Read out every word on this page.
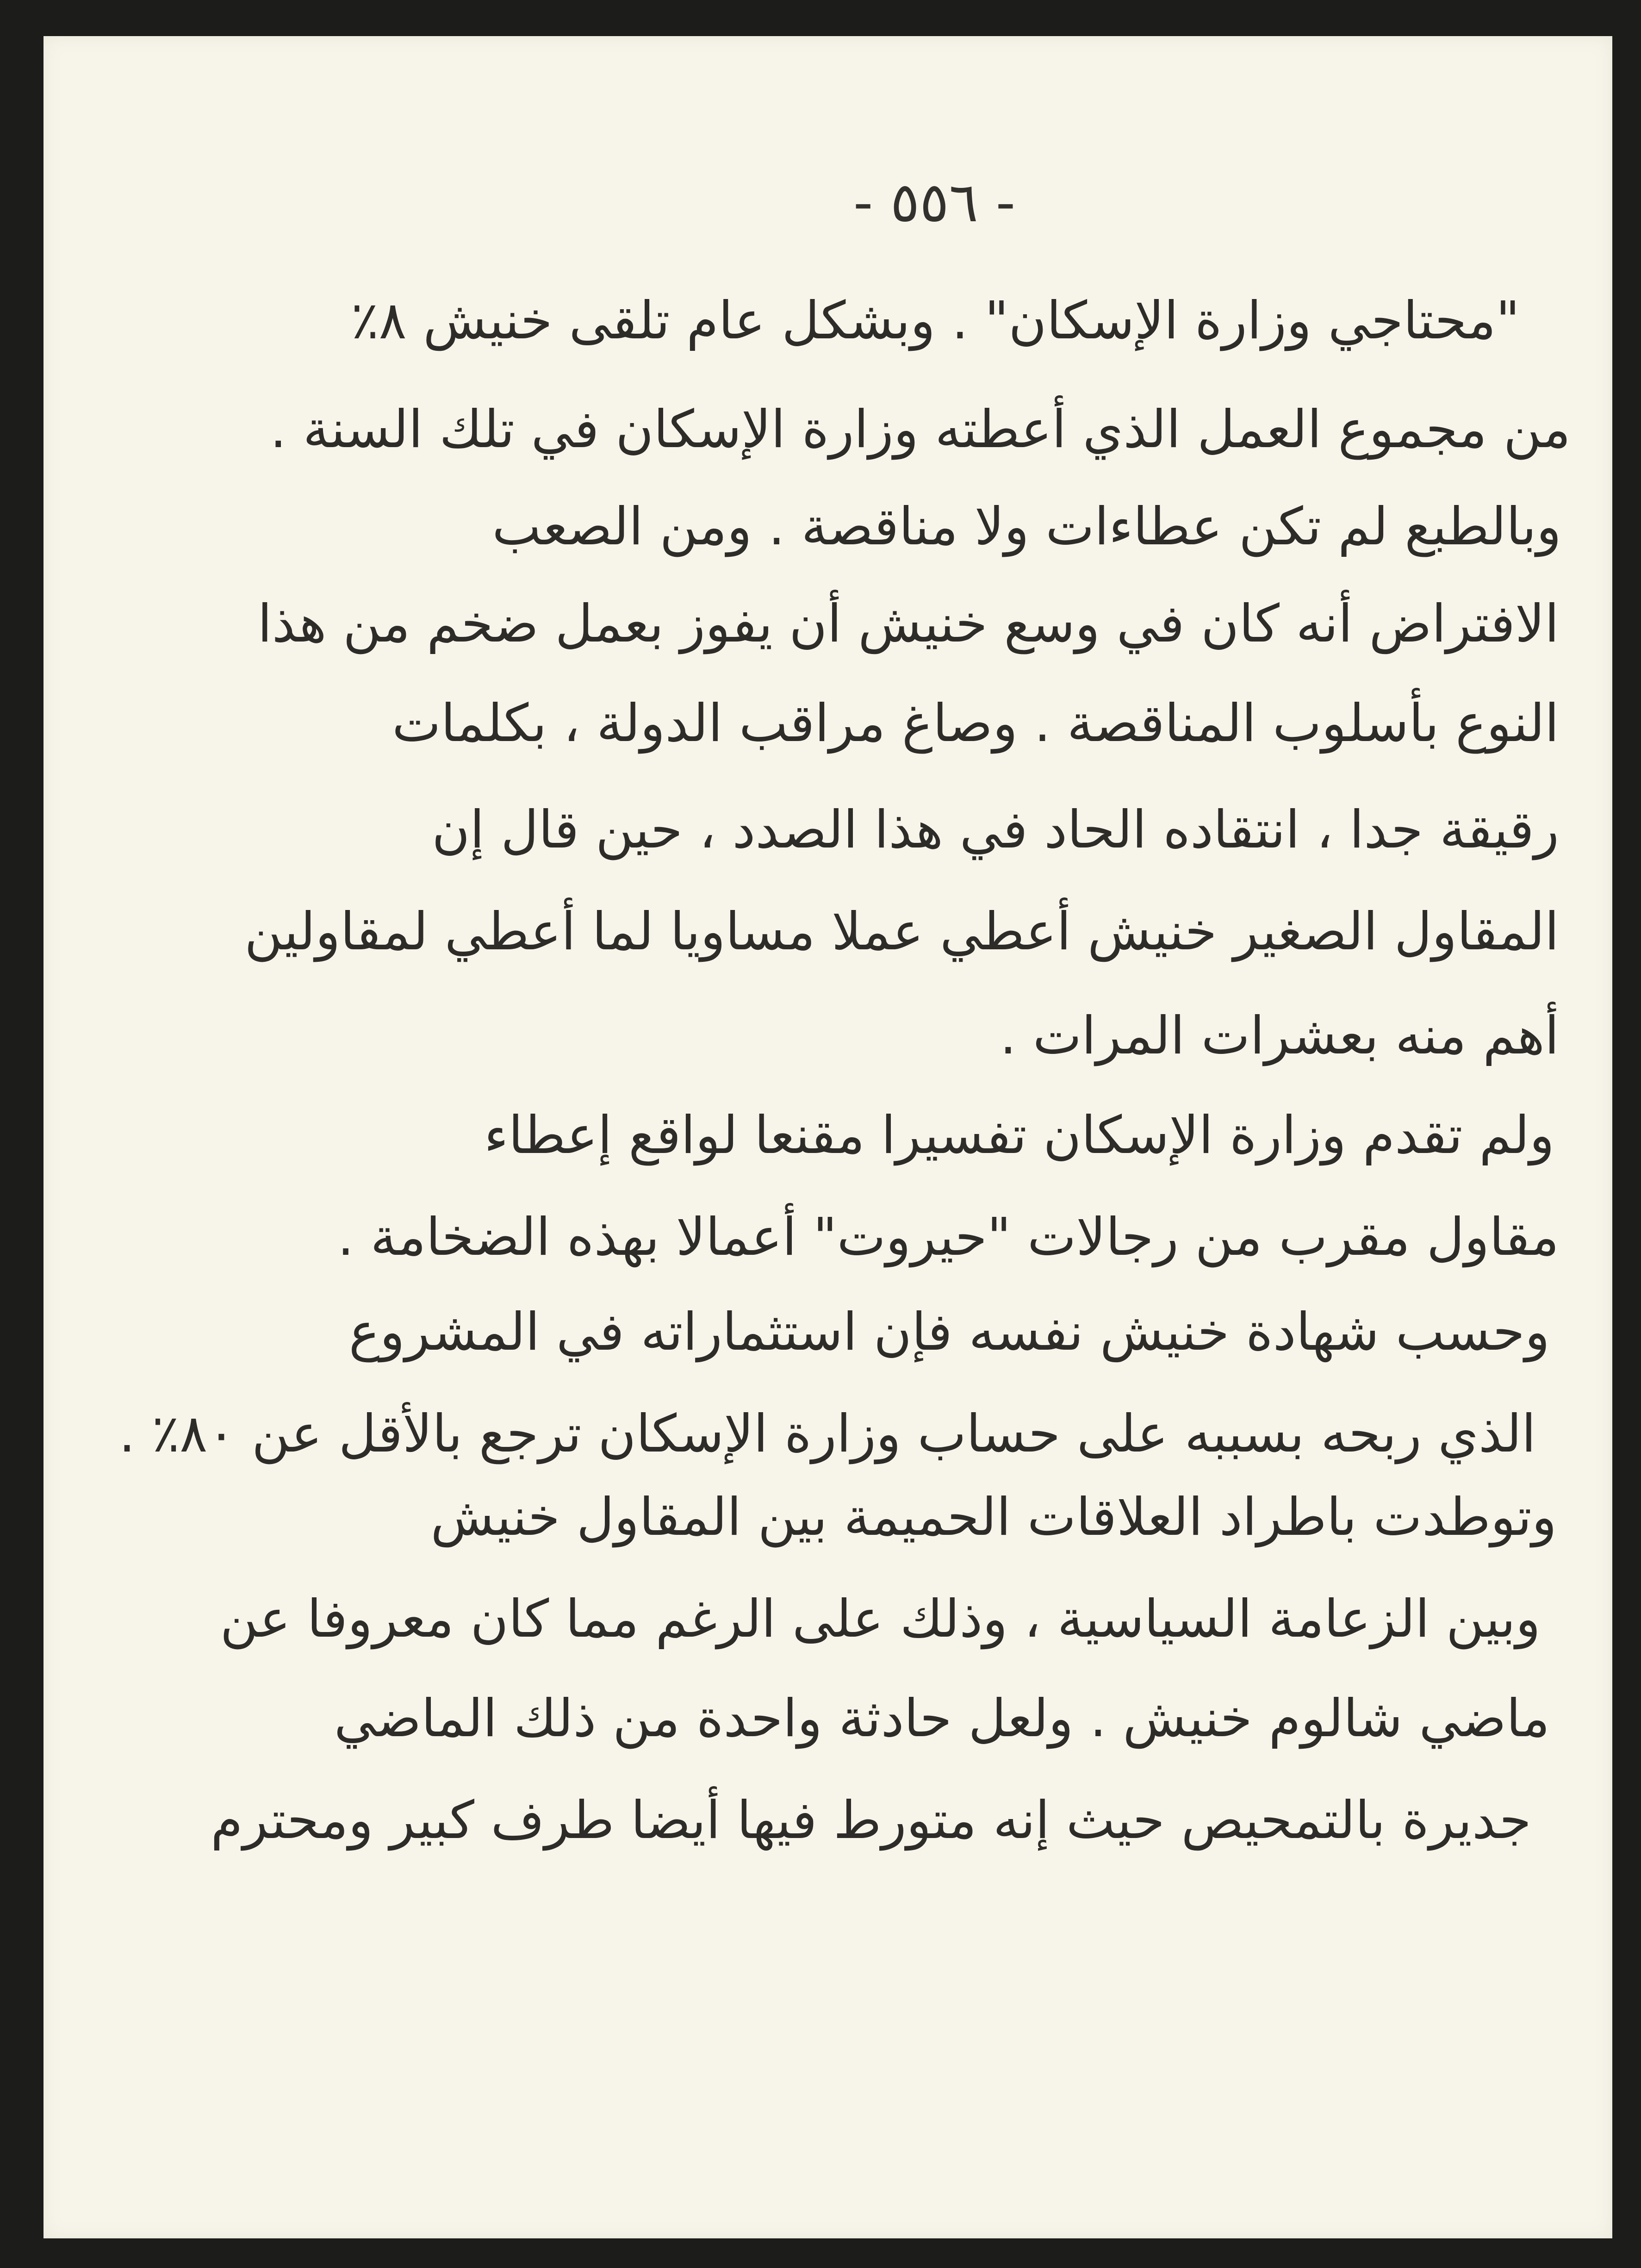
- ٥٥٦ -
"محتاجي وزارة الإسكان" . وبشكل عام تلقى خنيش ٨٪
من مجموع العمل الذي أعطته وزارة الإسكان في تلك السنة .
وبالطبع لم تكن عطاءات ولا مناقصة . ومن الصعب
الافتراض أنه كان في وسع خنيش أن يفوز بعمل ضخم من هذا
النوع بأسلوب المناقصة . وصاغ مراقب الدولة ، بكلمات
رقيقة جدا ، انتقاده الحاد في هذا الصدد ، حين قال إن
المقاول الصغير خنيش أعطي عملا مساويا لما أعطي لمقاولين
أهم منه بعشرات المرات .
ولم تقدم وزارة الإسكان تفسيرا مقنعا لواقع إعطاء
مقاول مقرب من رجالات "حيروت" أعمالا بهذه الضخامة .
وحسب شهادة خنيش نفسه فإن استثماراته في المشروع
الذي ربحه بسببه على حساب وزارة الإسكان ترجع بالأقل عن ٨٠٪ .
وتوطدت باطراد العلاقات الحميمة بين المقاول خنيش
وبين الزعامة السياسية ، وذلك على الرغم مما كان معروفا عن
ماضي شالوم خنيش . ولعل حادثة واحدة من ذلك الماضي
جديرة بالتمحيص حيث إنه متورط فيها أيضا طرف كبير ومحترم
